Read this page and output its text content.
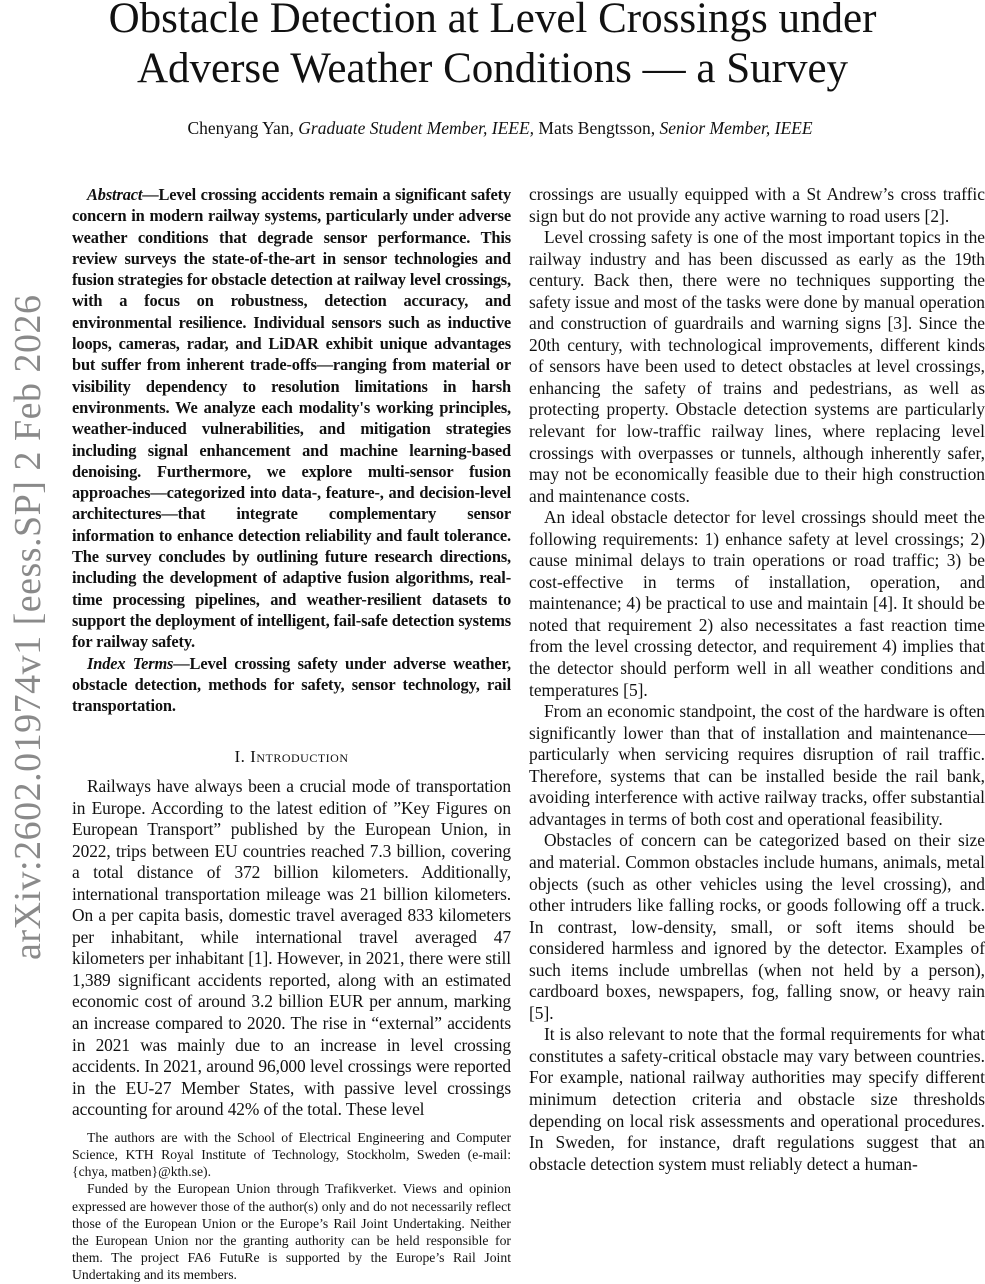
arXiv:2602.01974v1 [eess.SP] 2 Feb 2026
Obstacle Detection at Level Crossings under
Adverse Weather Conditions — a Survey
Chenyang Yan, Graduate Student Member, IEEE, Mats Bengtsson, Senior Member, IEEE

Abstract—Level crossing accidents remain a significant safety concern in modern railway systems, particularly under adverse weather conditions that degrade sensor performance. This review surveys the state-of-the-art in sensor technologies and fusion strategies for obstacle detection at railway level crossings, with a focus on robustness, detection accuracy, and environmental resilience. Individual sensors such as inductive loops, cameras, radar, and LiDAR exhibit unique advantages but suffer from inherent trade-offs—ranging from material or visibility dependency to resolution limitations in harsh environments. We analyze each modality's working principles, weather-induced vulnerabilities, and mitigation strategies including signal enhancement and machine learning-based denoising. Furthermore, we explore multi-sensor fusion approaches—categorized into data-, feature-, and decision-level architectures—that integrate complementary sensor information to enhance detection reliability and fault tolerance. The survey concludes by outlining future research directions, including the development of adaptive fusion algorithms, real-time processing pipelines, and weather-resilient datasets to support the deployment of intelligent, fail-safe detection systems for railway safety.

Index Terms—Level crossing safety under adverse weather, obstacle detection, methods for safety, sensor technology, rail transportation.

I. Introduction

Railways have always been a crucial mode of transportation in Europe. According to the latest edition of ”Key Figures on European Transport” published by the European Union, in 2022, trips between EU countries reached 7.3 billion, covering a total distance of 372 billion kilometers. Additionally, international transportation mileage was 21 billion kilometers. On a per capita basis, domestic travel averaged 833 kilometers per inhabitant, while international travel averaged 47 kilometers per inhabitant [1]. However, in 2021, there were still 1,389 significant accidents reported, along with an estimated economic cost of around 3.2 billion EUR per annum, marking an increase compared to 2020. The rise in “external” accidents in 2021 was mainly due to an increase in level crossing accidents. In 2021, around 96,000 level crossings were reported in the EU-27 Member States, with passive level crossings accounting for around 42% of the total. These level

The authors are with the School of Electrical Engineering and Computer Science, KTH Royal Institute of Technology, Stockholm, Sweden (e-mail: {chya, matben}@kth.se).

Funded by the European Union through Trafikverket. Views and opinion expressed are however those of the author(s) only and do not necessarily reflect those of the European Union or the Europe’s Rail Joint Undertaking. Neither the European Union nor the granting authority can be held responsible for them. The project FA6 FutuRe is supported by the Europe’s Rail Joint Undertaking and its members.

crossings are usually equipped with a St Andrew’s cross traffic sign but do not provide any active warning to road users [2].

Level crossing safety is one of the most important topics in the railway industry and has been discussed as early as the 19th century. Back then, there were no techniques supporting the safety issue and most of the tasks were done by manual operation and construction of guardrails and warning signs [3]. Since the 20th century, with technological improvements, different kinds of sensors have been used to detect obstacles at level crossings, enhancing the safety of trains and pedestrians, as well as protecting property. Obstacle detection systems are particularly relevant for low-traffic railway lines, where replacing level crossings with overpasses or tunnels, although inherently safer, may not be economically feasible due to their high construction and maintenance costs.

An ideal obstacle detector for level crossings should meet the following requirements: 1) enhance safety at level crossings; 2) cause minimal delays to train operations or road traffic; 3) be cost-effective in terms of installation, operation, and maintenance; 4) be practical to use and maintain [4]. It should be noted that requirement 2) also necessitates a fast reaction time from the level crossing detector, and requirement 4) implies that the detector should perform well in all weather conditions and temperatures [5].

From an economic standpoint, the cost of the hardware is often significantly lower than that of installation and maintenance—particularly when servicing requires disruption of rail traffic. Therefore, systems that can be installed beside the rail bank, avoiding interference with active railway tracks, offer substantial advantages in terms of both cost and operational feasibility.

Obstacles of concern can be categorized based on their size and material. Common obstacles include humans, animals, metal objects (such as other vehicles using the level crossing), and other intruders like falling rocks, or goods following off a truck. In contrast, low-density, small, or soft items should be considered harmless and ignored by the detector. Examples of such items include umbrellas (when not held by a person), cardboard boxes, newspapers, fog, falling snow, or heavy rain [5].

It is also relevant to note that the formal requirements for what constitutes a safety-critical obstacle may vary between countries. For example, national railway authorities may specify different minimum detection criteria and obstacle size thresholds depending on local risk assessments and operational procedures. In Sweden, for instance, draft regulations suggest that an obstacle detection system must reliably detect a human-
